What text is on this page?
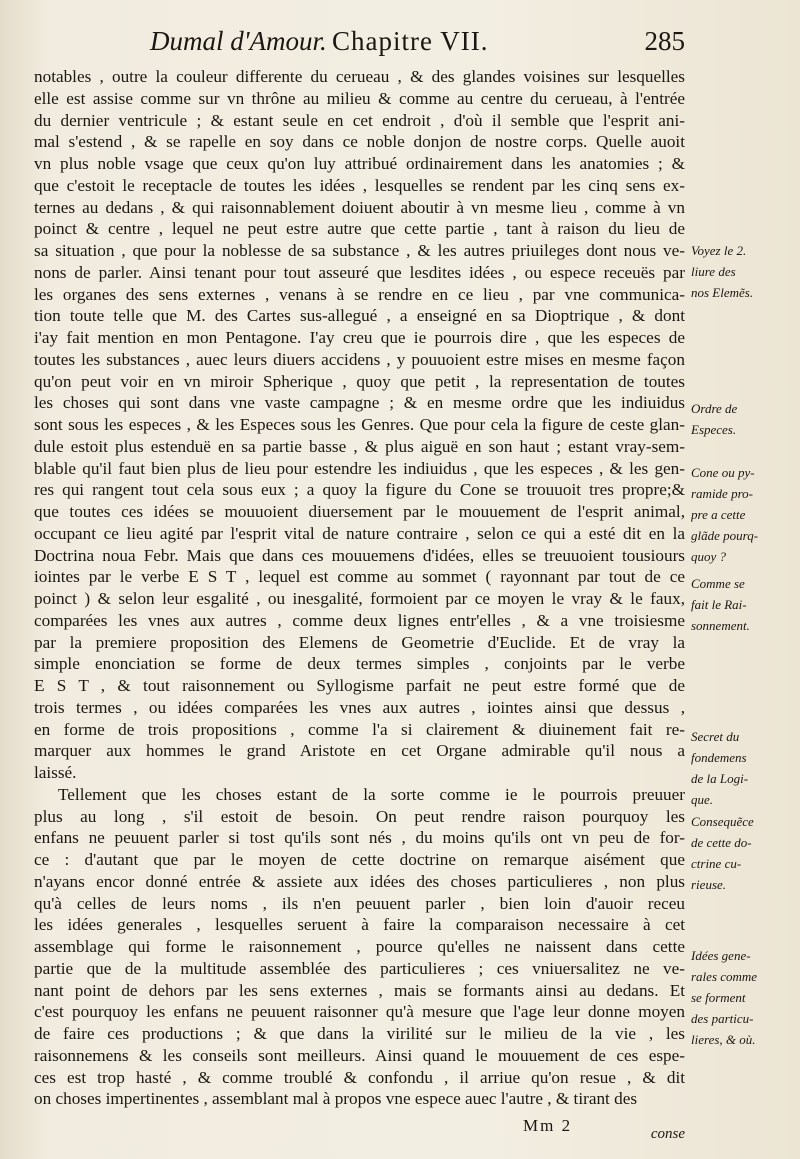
Dumal d'Amour. Chapitre VII.	285
notables , outre la couleur differente du cerueau , & des glandes voisines sur lesquelles
elle est assise comme sur vn thrône au milieu & comme au centre du cerueau, à l'entrée
du dernier ventricule ; & estant seule en cet endroit , d'où il semble que l'esprit ani-
mal s'estend , & se rapelle en soy dans ce noble donjon de nostre corps. Quelle auoit
vn plus noble vsage que ceux qu'on luy attribué ordinairement dans les anatomies ; &
que c'estoit le receptacle de toutes les idées , lesquelles se rendent par les cinq sens ex-
ternes au dedans , & qui raisonnablement doiuent aboutir à vn mesme lieu , comme à vn
poinct & centre , lequel ne peut estre autre que cette partie , tant à raison du lieu de
sa situation , que pour la noblesse de sa substance , & les autres priuileges dont nous ve-
nons de parler. Ainsi tenant pour tout asseuré que lesdites idées , ou espece receuës par
les organes des sens externes , venans à se rendre en ce lieu , par vne communica-
tion toute telle que M. des Cartes sus-allegué , a enseigné en sa Dioptrique , & dont
i'ay fait mention en mon Pentagone. I'ay creu que ie pourrois dire , que les especes de
toutes les substances , auec leurs diuers accidens , y pouuoient estre mises en mesme façon
qu'on peut voir en vn miroir Spherique , quoy que petit , la representation de toutes
les choses qui sont dans vne vaste campagne ; & en mesme ordre que les indiuidus
sont sous les especes , & les Especes sous les Genres. Que pour cela la figure de ceste glan-
dule estoit plus estenduë en sa partie basse , & plus aiguë en son haut ; estant vray-sem-
blable qu'il faut bien plus de lieu pour estendre les indiuidus , que les especes , & les gen-
res qui rangent tout cela sous eux ; a quoy la figure du Cone se trouuoit tres propre;&
que toutes ces idées se mouuoient diuersement par le mouuement de l'esprit animal,
occupant ce lieu agité par l'esprit vital de nature contraire , selon ce qui a esté dit en la
Doctrina noua Febr. Mais que dans ces mouuemens d'idées, elles se treuuoient tousiours
iointes par le verbe E S T , lequel est comme au sommet ( rayonnant par tout de ce
poinct ) & selon leur esgalité , ou inesgalité, formoient par ce moyen le vray & le faux,
comparées les vnes aux autres , comme deux lignes entr'elles , & a vne troisiesme
par la premiere proposition des Elemens de Geometrie d'Euclide. Et de vray la
simple enonciation se forme de deux termes simples , conjoints par le verbe
E S T , & tout raisonnement ou Syllogisme parfait ne peut estre formé que de
trois termes , ou idées comparées les vnes aux autres , iointes ainsi que dessus ,
en forme de trois propositions , comme l'a si clairement & diuinement fait re-
marquer aux hommes le grand Aristote en cet Organe admirable qu'il nous a
laissé.
Tellement que les choses estant de la sorte comme ie le pourrois preuuer
plus au long , s'il estoit de besoin. On peut rendre raison pourquoy les
enfans ne peuuent parler si tost qu'ils sont nés , du moins qu'ils ont vn peu de for-
ce : d'autant que par le moyen de cette doctrine on remarque aisément que
n'ayans encor donné entrée & assiete aux idées des choses particulieres , non plus
qu'à celles de leurs noms , ils n'en peuuent parler , bien loin d'auoir receu
les idées generales , lesquelles seruent à faire la comparaison necessaire à cet
assemblage qui forme le raisonnement , pource qu'elles ne naissent dans cette
partie que de la multitude assemblée des particulieres ; ces vniuersalitez ne ve-
nant point de dehors par les sens externes , mais se formants ainsi au dedans. Et
c'est pourquoy les enfans ne peuuent raisonner qu'à mesure que l'age leur donne moyen
de faire ces productions ; & que dans la virilité sur le milieu de la vie , les
raisonnemens & les conseils sont meilleurs. Ainsi quand le mouuement de ces espe-
ces est trop hasté , & comme troublé & confondu , il arriue qu'on resue , & dit
on choses impertinentes , assemblant mal à propos vne espece auec l'autre , & tirant des
Voyez le 2.
liure des
nos Elemẽs.
Ordre de
Especes.
Cone ou py-
ramide pro-
pre a cette
glãde pourq-
quoy ?
Comme se
fait le Rai-
sonnement.
Secret du
fondemens
de la Logi-
que.
Consequẽce
de cette do-
ctrine cu-
rieuse.
Idées gene-
rales comme
se forment
des particu-
lieres, & où.
Mm 2	conse
